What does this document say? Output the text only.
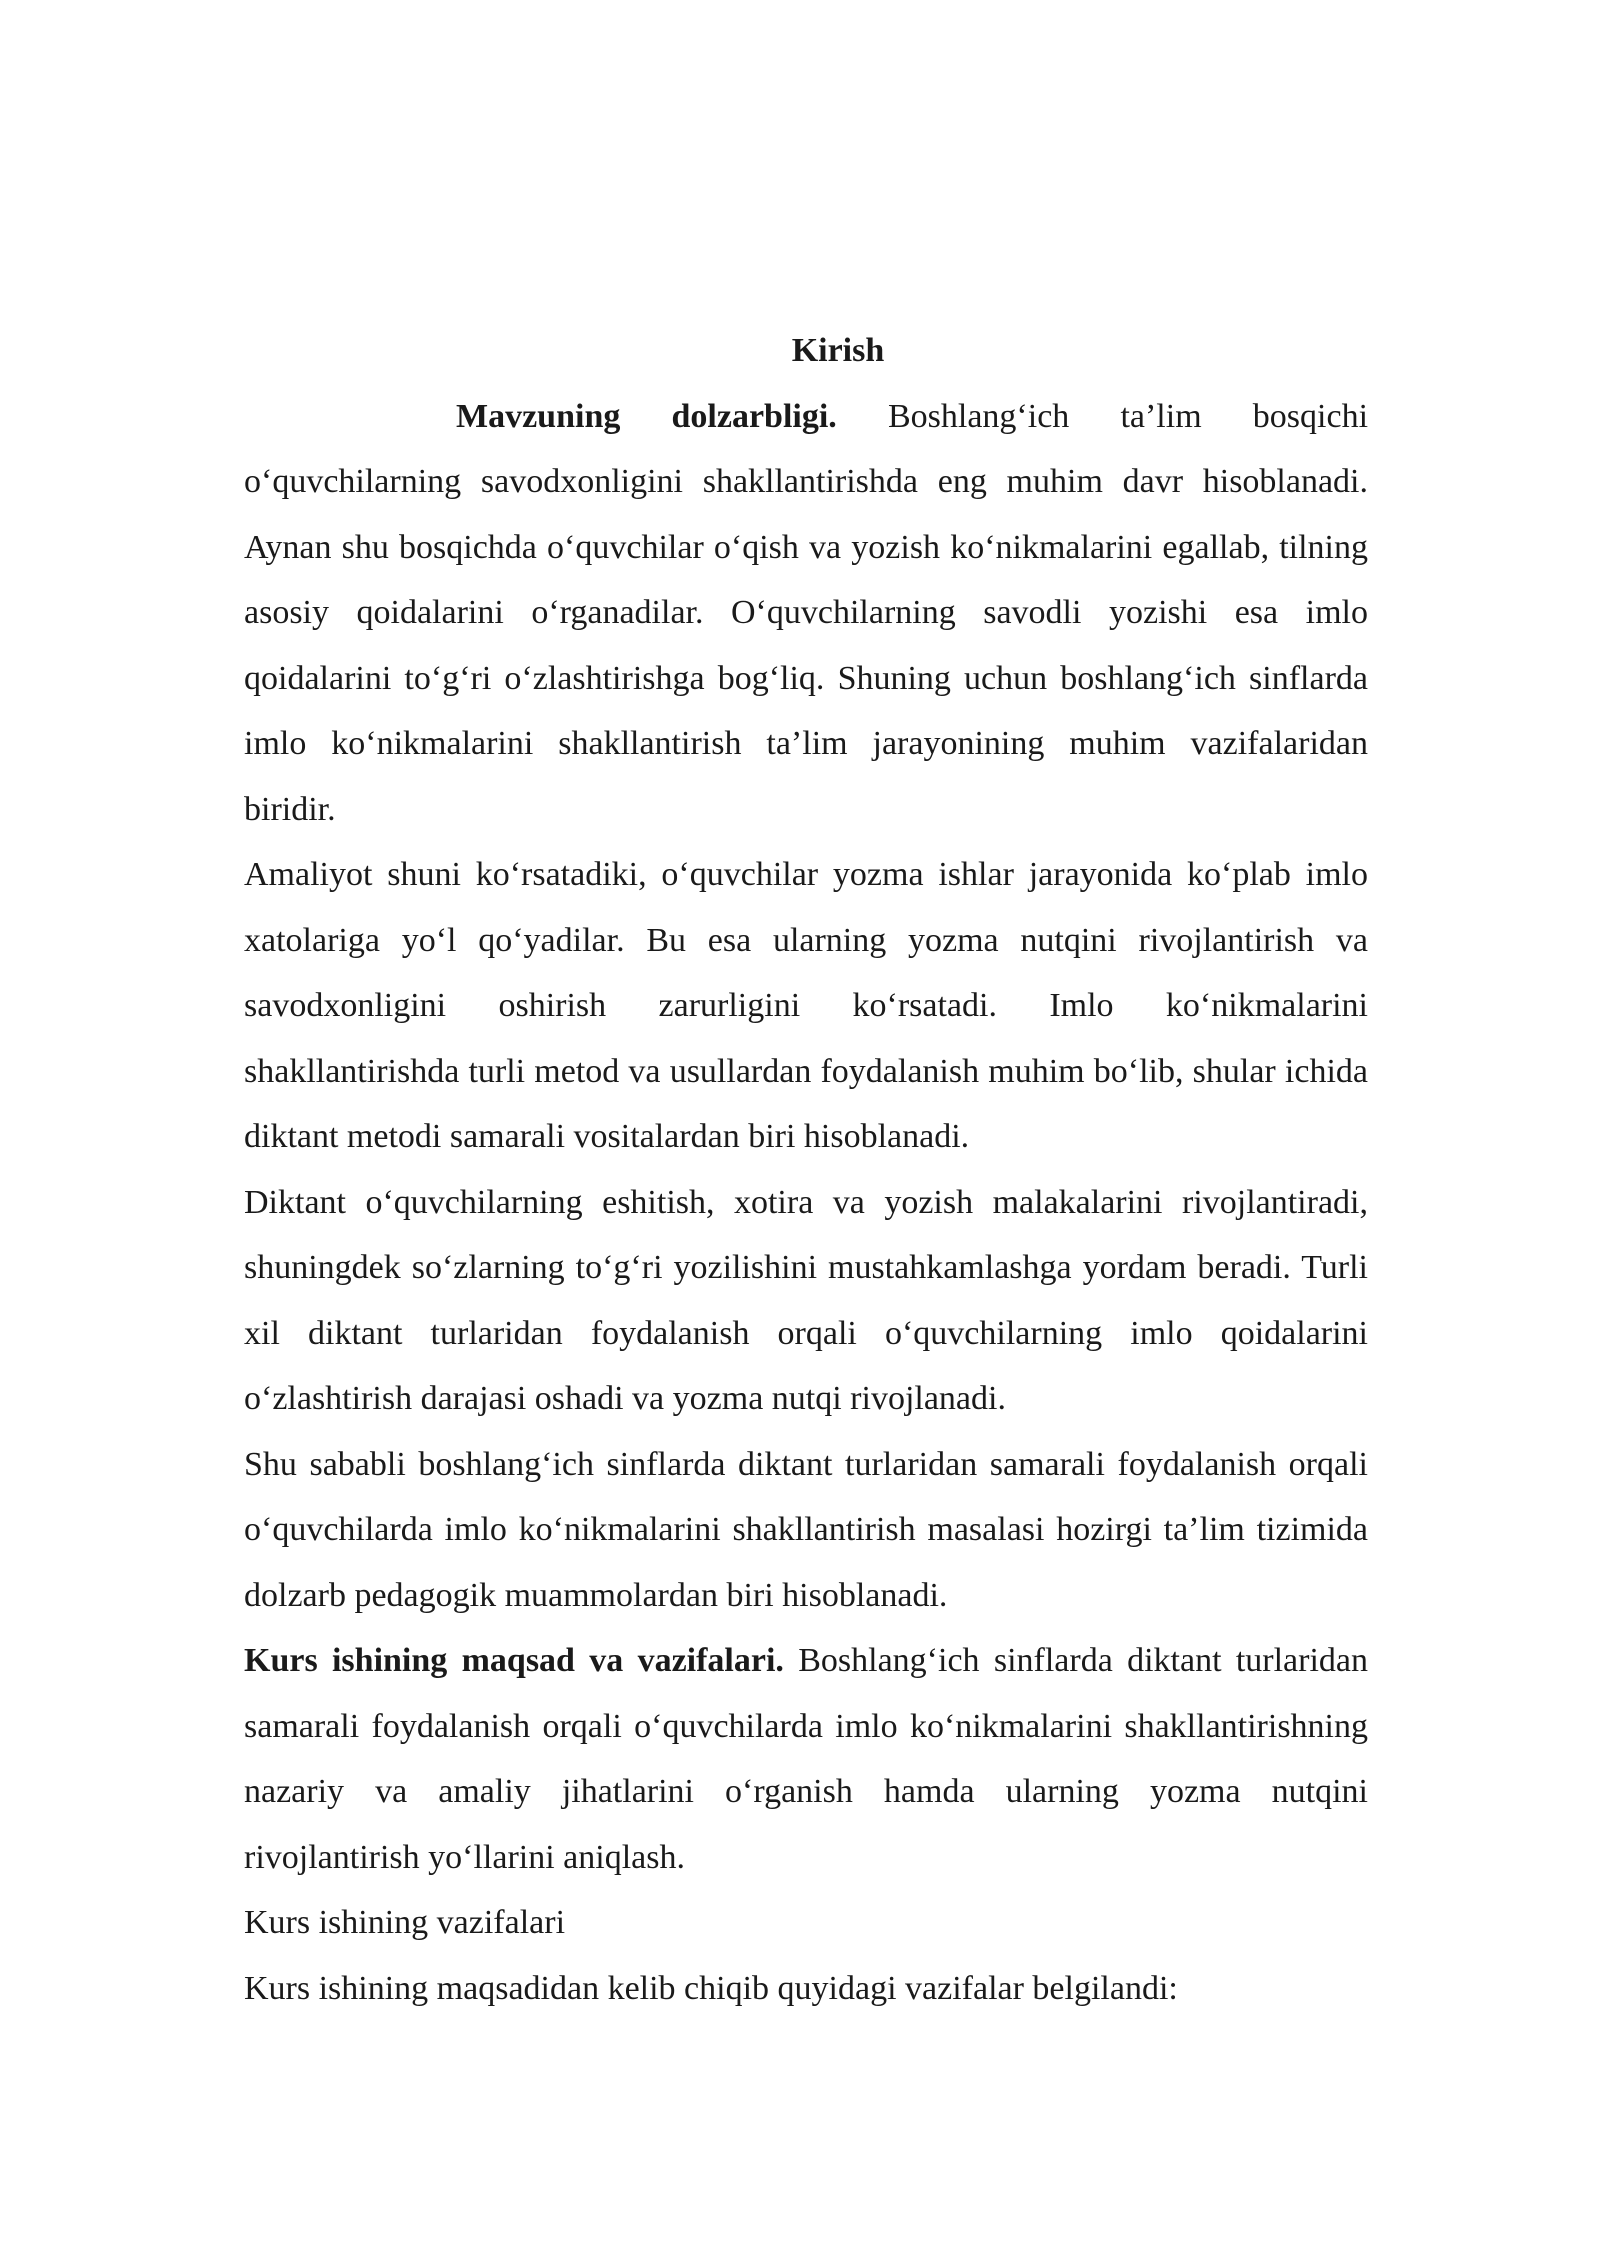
Kirish

Mavzuning dolzarbligi. Boshlang‘ich ta’lim bosqichi o‘quvchilarning savodxonligini shakllantirishda eng muhim davr hisoblanadi. Aynan shu bosqichda o‘quvchilar o‘qish va yozish ko‘nikmalarini egallab, tilning asosiy qoidalarini o‘rganadilar. O‘quvchilarning savodli yozishi esa imlo qoidalarini to‘g‘ri o‘zlashtirishga bog‘liq. Shuning uchun boshlang‘ich sinflarda imlo ko‘nikmalarini shakllantirish ta’lim jarayonining muhim vazifalaridan biridir.

Amaliyot shuni ko‘rsatadiki, o‘quvchilar yozma ishlar jarayonida ko‘plab imlo xatolariga yo‘l qo‘yadilar. Bu esa ularning yozma nutqini rivojlantirish va savodxonligini oshirish zarurligini ko‘rsatadi. Imlo ko‘nikmalarini shakllantirishda turli metod va usullardan foydalanish muhim bo‘lib, shular ichida diktant metodi samarali vositalardan biri hisoblanadi.

Diktant o‘quvchilarning eshitish, xotira va yozish malakalarini rivojlantiradi, shuningdek so‘zlarning to‘g‘ri yozilishini mustahkamlashga yordam beradi. Turli xil diktant turlaridan foydalanish orqali o‘quvchilarning imlo qoidalarini o‘zlashtirish darajasi oshadi va yozma nutqi rivojlanadi.

Shu sababli boshlang‘ich sinflarda diktant turlaridan samarali foydalanish orqali o‘quvchilarda imlo ko‘nikmalarini shakllantirish masalasi hozirgi ta’lim tizimida dolzarb pedagogik muammolardan biri hisoblanadi.

Kurs ishining maqsad va vazifalari. Boshlang‘ich sinflarda diktant turlaridan samarali foydalanish orqali o‘quvchilarda imlo ko‘nikmalarini shakllantirishning nazariy va amaliy jihatlarini o‘rganish hamda ularning yozma nutqini rivojlantirish yo‘llarini aniqlash.

Kurs ishining vazifalari

Kurs ishining maqsadidan kelib chiqib quyidagi vazifalar belgilandi:
